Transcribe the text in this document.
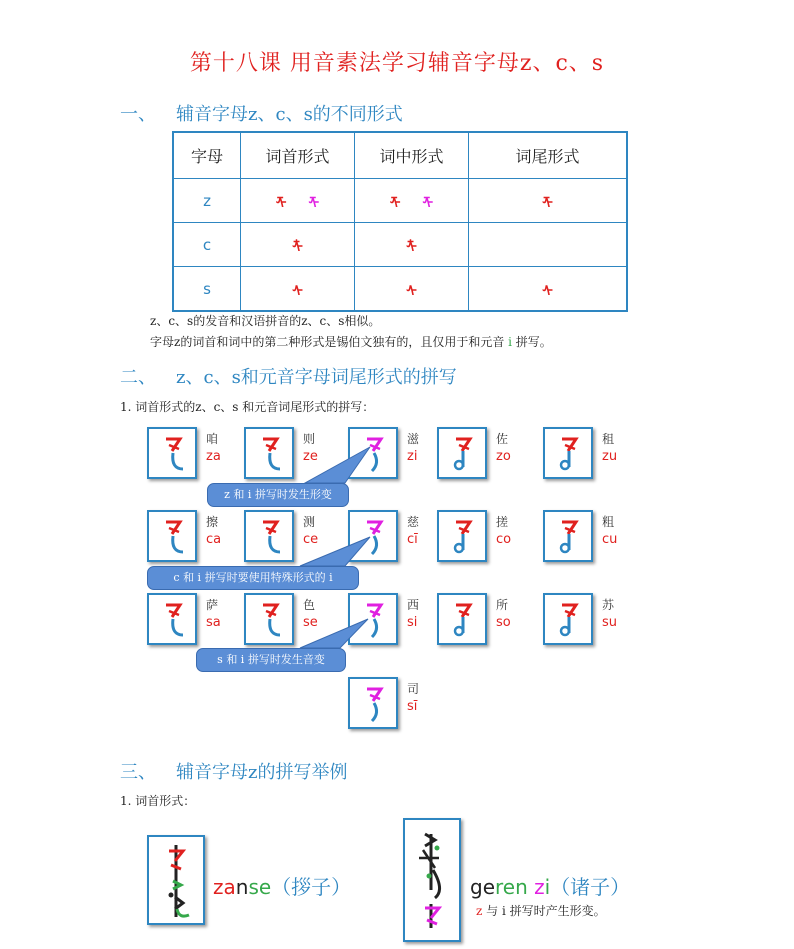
第十八课 用音素法学习辅音字母z、c、s
一、 辅音字母z、c、s的不同形式
字母	词首形式	词中形式	词尾形式
z	ᡯ ᡯ	ᡯ ᡯ	ᡯ
c	ᡮ	ᡮ	
s	ᠰ	ᠰ	ᠰ
z、c、s的发音和汉语拼音的z、c、s相似。
字母z的词首和词中的第二种形式是锡伯文独有的，且仅用于和元音 i 拼写。
二、 z、c、s和元音字母词尾形式的拼写
1. 词首形式的z、c、s 和元音词尾形式的拼写：
咱
za
则
ze
滋
zi
佐
zo
租
zu
擦
ca
测
ce
慈
cī
搓
co
粗
cu
萨
sa
色
se
西
si
所
so
苏
su
司
sī
z 和 i 拼写时发生形变
c 和 i 拼写时要使用特殊形式的 i
s 和 i 拼写时发生音变
三、 辅音字母z的拼写举例
1. 词首形式：
zanse（拶子）	geren zi（诸子）
z 与 i 拼写时产生形变。
